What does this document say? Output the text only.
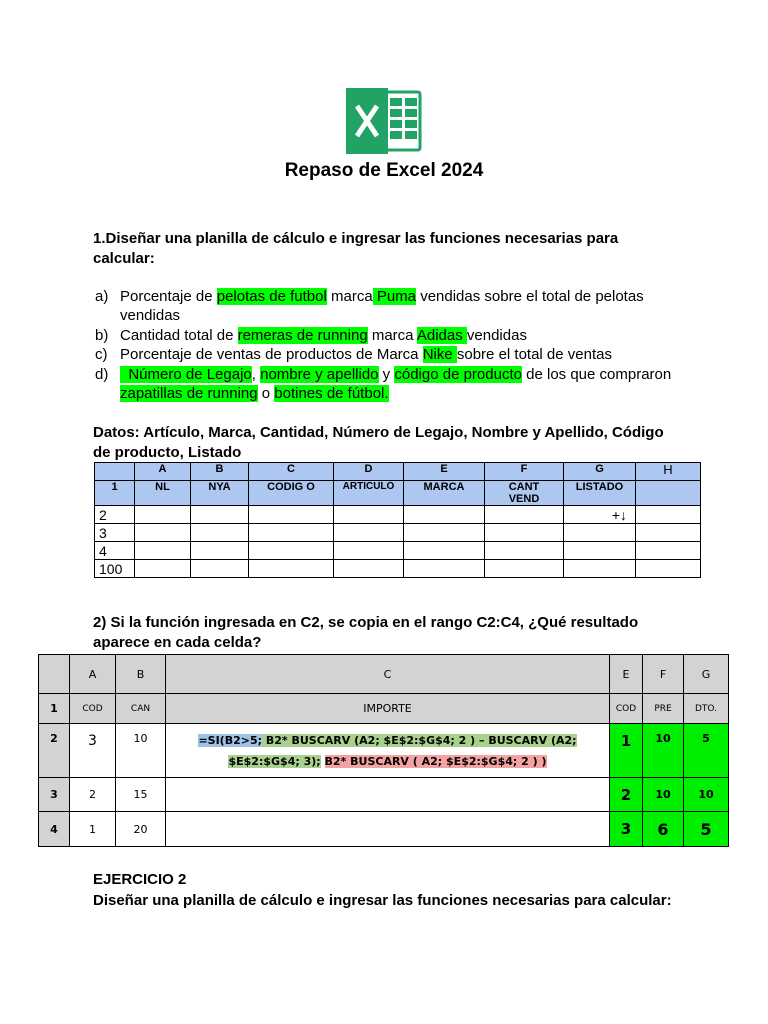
Repaso de Excel 2024
1.Diseñar una planilla de cálculo e ingresar las funciones necesarias para calcular:
a) Porcentaje de pelotas de futbol marca Puma vendidas sobre el total de pelotas vendidas
b) Cantidad total de remeras de running marca Adidas vendidas
c) Porcentaje de ventas de productos de Marca Nike sobre el total de ventas
d) Número de Legajo, nombre y apellido y código de producto de los que compraron zapatillas de running o botines de fútbol.
Datos: Artículo, Marca, Cantidad, Número de Legajo, Nombre y Apellido, Código de producto, Listado
	A	B	C	D	E	F	G	H
1	NL	NYA	CODIG O	ARTICULO	MARCA	CANT VEND	LISTADO	
2							+↓	
3								
4								
100								
2) Si la función ingresada en C2, se copia en el rango C2:C4, ¿Qué resultado aparece en cada celda?
	A	B	C	E	F	G
1	COD	CAN	IMPORTE	COD	PRE	DTO.
2	3	10	=SI(B2>5; B2* BUSCARV (A2; $E$2:$G$4; 2 ) – BUSCARV (A2; $E$2:$G$4; 3); B2* BUSCARV ( A2; $E$2:$G$4; 2 ) )	1	10	5
3	2	15		2	10	10
4	1	20		3	6	5
EJERCICIO 2
Diseñar una planilla de cálculo e ingresar las funciones necesarias para calcular:
